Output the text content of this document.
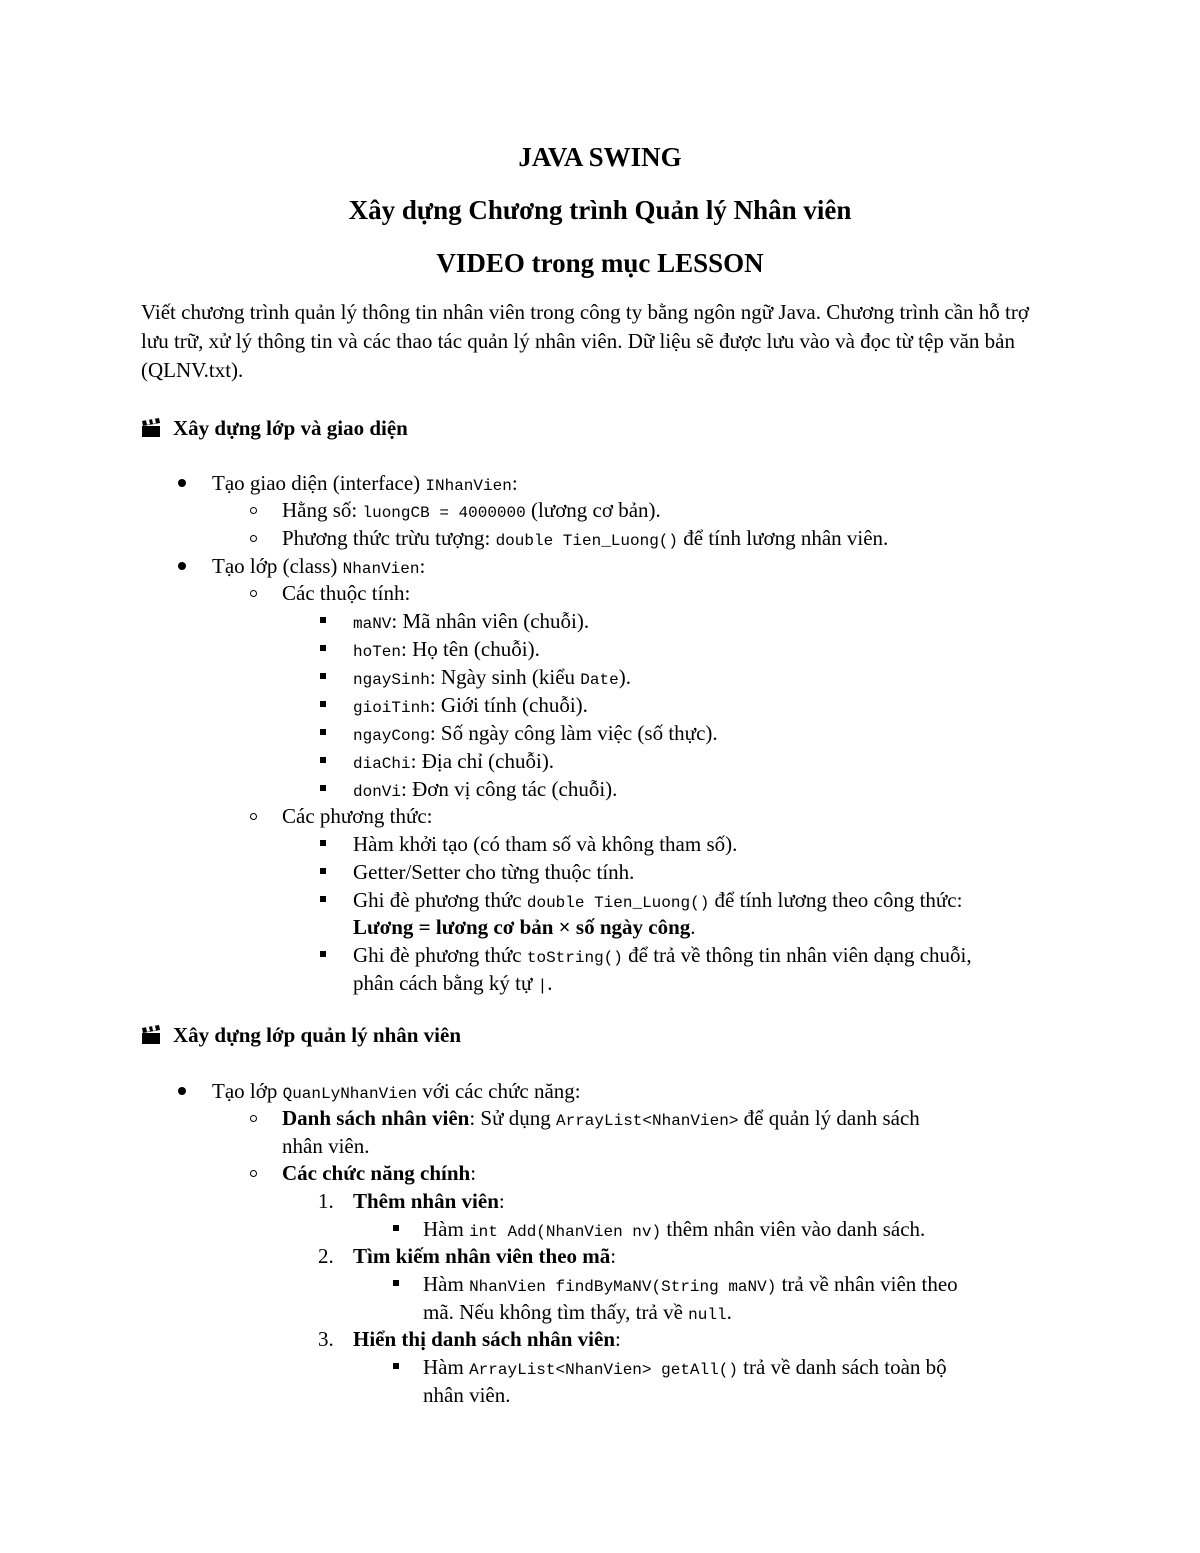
JAVA SWING
Xây dựng Chương trình Quản lý Nhân viên
VIDEO trong mục LESSON
Viết chương trình quản lý thông tin nhân viên trong công ty bằng ngôn ngữ Java. Chương trình cần hỗ trợ lưu trữ, xử lý thông tin và các thao tác quản lý nhân viên. Dữ liệu sẽ được lưu vào và đọc từ tệp văn bản (QLNV.txt).
Xây dựng lớp và giao diện
Tạo giao diện (interface) INhanVien:
Hằng số: luongCB = 4000000 (lương cơ bản).
Phương thức trừu tượng: double Tien_Luong() để tính lương nhân viên.
Tạo lớp (class) NhanVien:
Các thuộc tính:
maNV: Mã nhân viên (chuỗi).
hoTen: Họ tên (chuỗi).
ngaySinh: Ngày sinh (kiểu Date).
gioiTinh: Giới tính (chuỗi).
ngayCong: Số ngày công làm việc (số thực).
diaChi: Địa chỉ (chuỗi).
donVi: Đơn vị công tác (chuỗi).
Các phương thức:
Hàm khởi tạo (có tham số và không tham số).
Getter/Setter cho từng thuộc tính.
Ghi đè phương thức double Tien_Luong() để tính lương theo công thức:
Lương = lương cơ bản × số ngày công.
Ghi đè phương thức toString() để trả về thông tin nhân viên dạng chuỗi,
phân cách bằng ký tự |.
Xây dựng lớp quản lý nhân viên
Tạo lớp QuanLyNhanVien với các chức năng:
Danh sách nhân viên: Sử dụng ArrayList<NhanVien> để quản lý danh sách
nhân viên.
Các chức năng chính:
1. Thêm nhân viên:
Hàm int Add(NhanVien nv) thêm nhân viên vào danh sách.
2. Tìm kiếm nhân viên theo mã:
Hàm NhanVien findByMaNV(String maNV) trả về nhân viên theo
mã. Nếu không tìm thấy, trả về null.
3. Hiển thị danh sách nhân viên:
Hàm ArrayList<NhanVien> getAll() trả về danh sách toàn bộ
nhân viên.
